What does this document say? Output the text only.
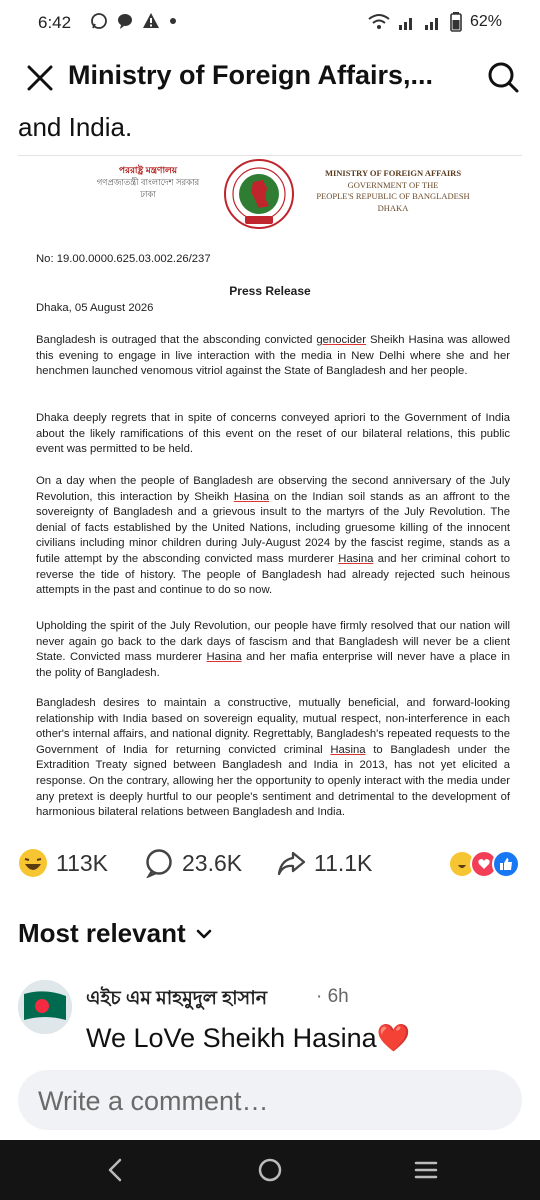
6:42	62%
Ministry of Foreign Affairs,...
and India.
পররাষ্ট্র মন্ত্রণালয়
গণপ্রজাতন্ত্রী বাংলাদেশ সরকার
ঢাকা
MINISTRY OF FOREIGN AFFAIRS
GOVERNMENT OF THE
PEOPLE'S REPUBLIC OF BANGLADESH
DHAKA
No: 19.00.0000.625.03.002.26/237
Press Release
Dhaka, 05 August 2026
Bangladesh is outraged that the absconding convicted genocider Sheikh Hasina was allowed this evening to engage in live interaction with the media in New Delhi where she and her henchmen launched venomous vitriol against the State of Bangladesh and her people.
Dhaka deeply regrets that in spite of concerns conveyed apriori to the Government of India about the likely ramifications of this event on the reset of our bilateral relations, this public event was permitted to be held.
On a day when the people of Bangladesh are observing the second anniversary of the July Revolution, this interaction by Sheikh Hasina on the Indian soil stands as an affront to the sovereignty of Bangladesh and a grievous insult to the martyrs of the July Revolution. The denial of facts established by the United Nations, including gruesome killing of the innocent civilians including minor children during July-August 2024 by the fascist regime, stands as a futile attempt by the absconding convicted mass murderer Hasina and her criminal cohort to reverse the tide of history. The people of Bangladesh had already rejected such heinous attempts in the past and continue to do so now.
Upholding the spirit of the July Revolution, our people have firmly resolved that our nation will never again go back to the dark days of fascism and that Bangladesh will never be a client State. Convicted mass murderer Hasina and her mafia enterprise will never have a place in the polity of Bangladesh.
Bangladesh desires to maintain a constructive, mutually beneficial, and forward-looking relationship with India based on sovereign equality, mutual respect, non-interference in each other's internal affairs, and national dignity. Regrettably, Bangladesh's repeated requests to the Government of India for returning convicted criminal Hasina to Bangladesh under the Extradition Treaty signed between Bangladesh and India in 2013, has not yet elicited a response. On the contrary, allowing her the opportunity to openly interact with the media under any pretext is deeply hurtful to our people's sentiment and detrimental to the development of harmonious bilateral relations between Bangladesh and India.
113K	23.6K	11.1K
Most relevant
এইচ এম মাহমুদুল হাসান	· 6h
We LoVe Sheikh Hasina❤️
Write a comment…
